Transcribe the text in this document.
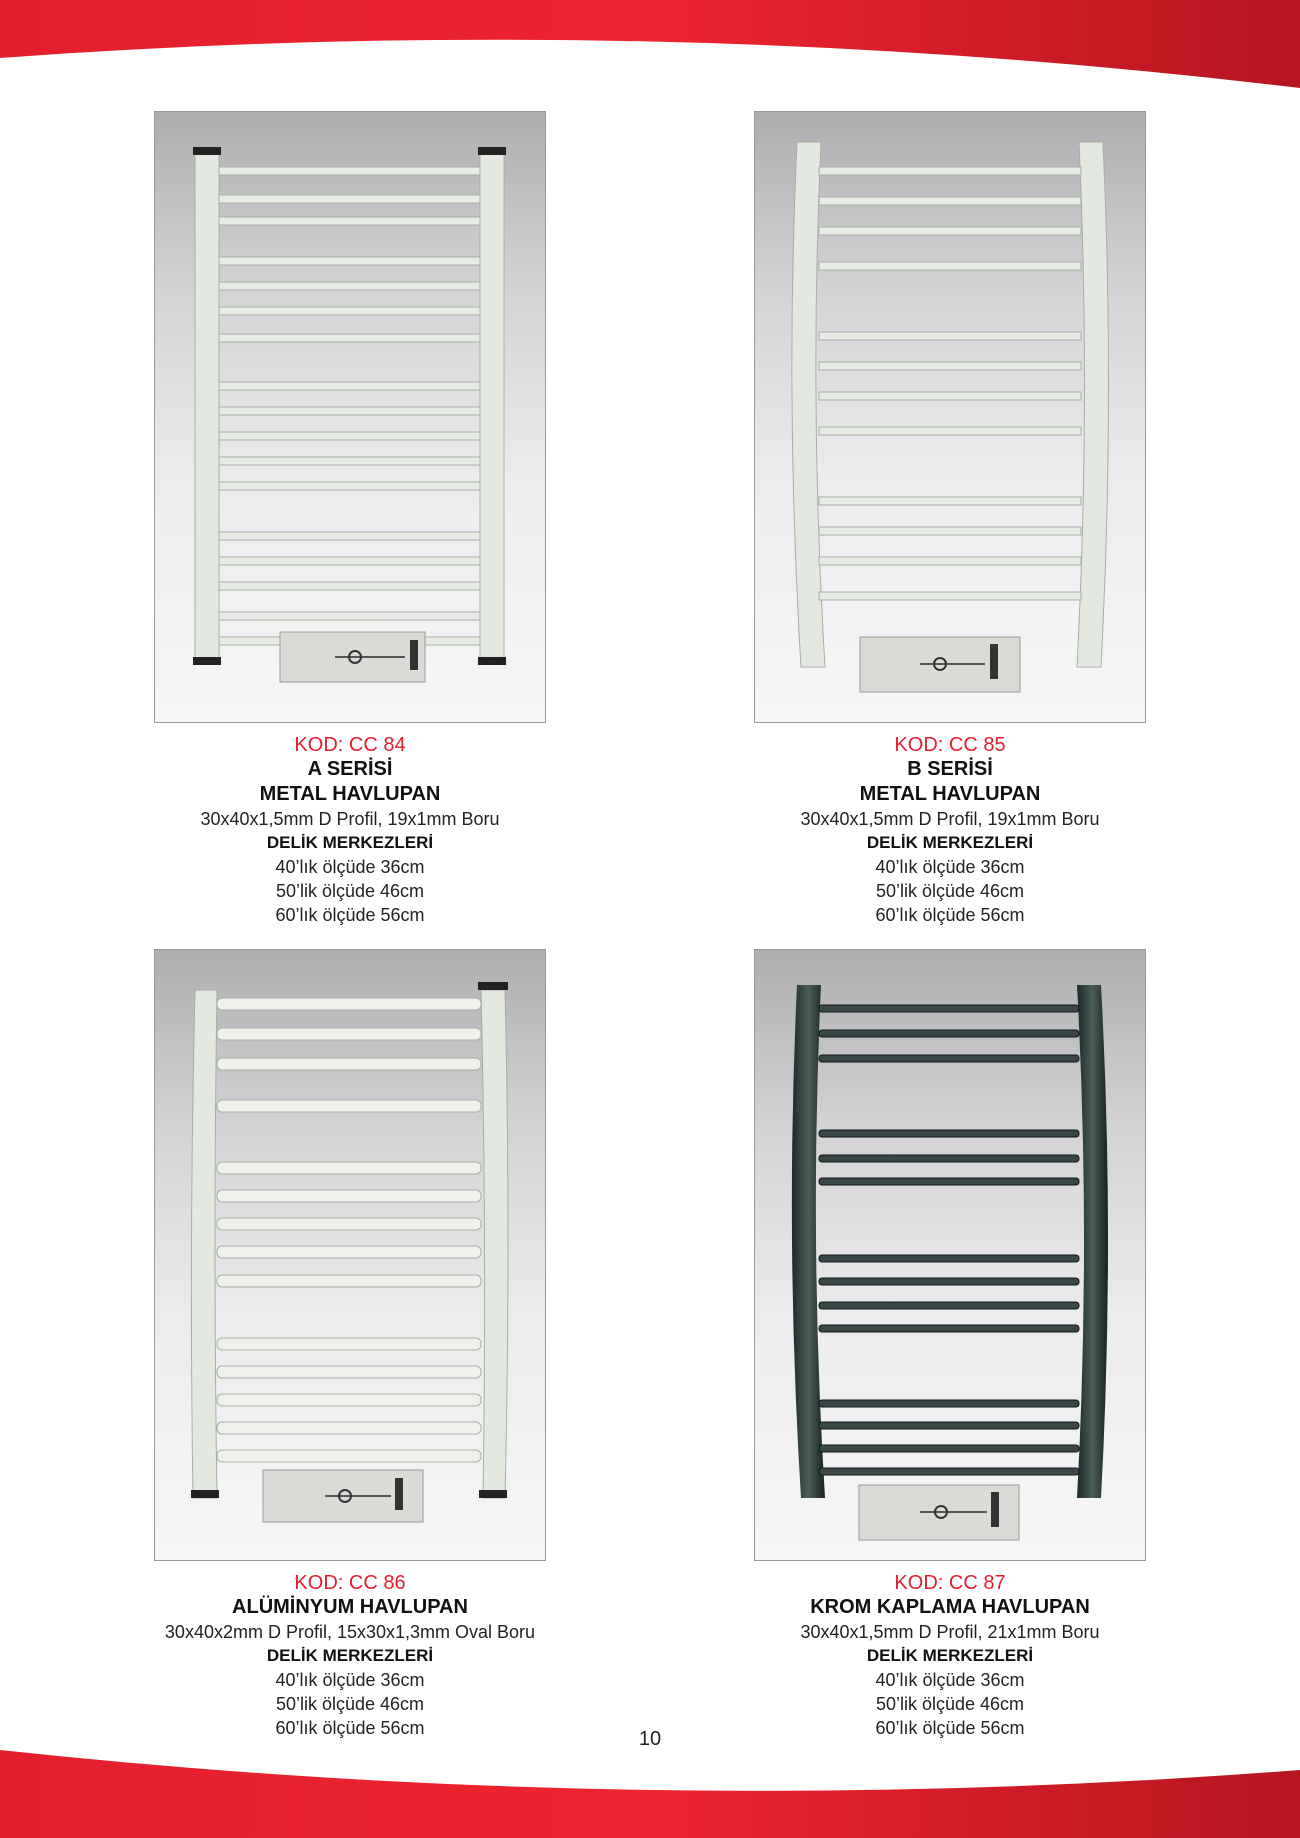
KOD: CC 84
A SERİSİ
METAL HAVLUPAN
30x40x1,5mm D Profil, 19x1mm Boru
DELİK MERKEZLERİ
40’lık ölçüde 36cm
50’lik ölçüde 46cm
60’lık ölçüde 56cm
KOD: CC 85
B SERİSİ
METAL HAVLUPAN
30x40x1,5mm D Profil, 19x1mm Boru
DELİK MERKEZLERİ
40’lık ölçüde 36cm
50’lik ölçüde 46cm
60’lık ölçüde 56cm
KOD: CC 86
ALÜMİNYUM HAVLUPAN
30x40x2mm D Profil, 15x30x1,3mm Oval Boru
DELİK MERKEZLERİ
40’lık ölçüde 36cm
50’lik ölçüde 46cm
60’lık ölçüde 56cm
KOD: CC 87
KROM KAPLAMA HAVLUPAN
30x40x1,5mm D Profil, 21x1mm Boru
DELİK MERKEZLERİ
40’lık ölçüde 36cm
50’lik ölçüde 46cm
60’lık ölçüde 56cm
10
